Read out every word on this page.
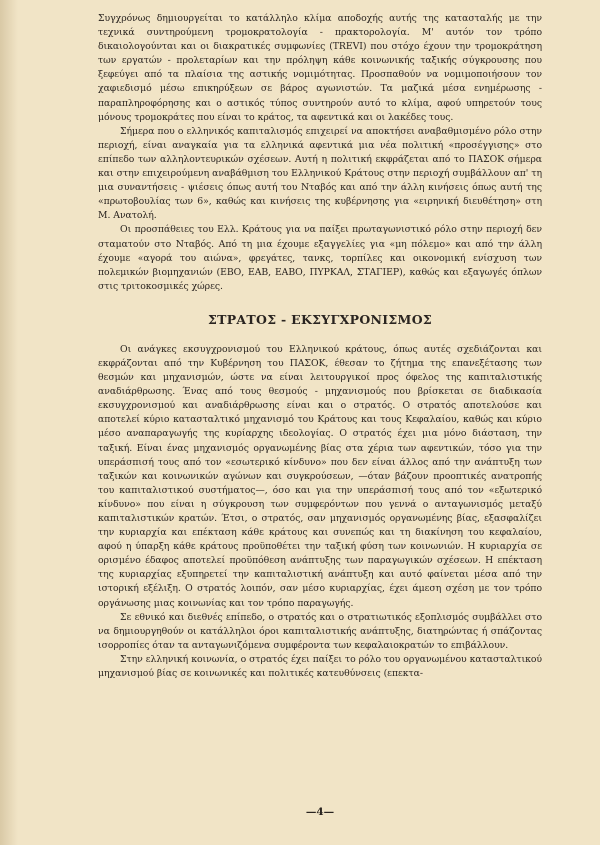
Συγχρόνως δημιουργείται το κατάλληλο κλίμα αποδοχής αυτής της κατασταλής με την τεχνικά συντηρούμενη τρομοκρατολογία - πρακτορολογία. Μ' αυτόν τον τρόπο δικαιολογούνται και οι διακρατικές συμφωνίες (TREVI) που στόχο έχουν την τρομοκράτηση των εργατών - προλεταρίων και την πρόληψη κάθε κοινωνικής ταξικής σύγκρουσης που ξεφεύγει από τα πλαίσια της αστικής νομιμότητας. Προσπαθούν να νομιμοποιήσουν τον χαφιεδισμό μέσω επικηρύξεων σε βάρος αγωνιστών. Τα μαζικά μέσα ενημέρωσης - παραπληροφόρησης και ο αστικός τύπος συντηρούν αυτό το κλίμα, αφού υπηρετούν τους μόνους τρομοκράτες που είναι το κράτος, τα αφεντικά και οι λακέδες τους.

Σήμερα που ο ελληνικός καπιταλισμός επιχειρεί να αποκτήσει αναβαθμισμένο ρόλο στην περιοχή, είναι αναγκαία για τα ελληνικά αφεντικά μια νέα πολιτική «προσέγγισης» στο επίπεδο των αλληλοντευρικών σχέσεων. Αυτή η πολιτική εκφράζεται από το ΠΑΣΟΚ σήμερα και στην επιχειρούμενη αναβάθμιση του Ελληνικού Κράτους στην περιοχή συμβάλλουν απ' τη μια συναντήσεις - ψιέσεις όπως αυτή του Νταβός και από την άλλη κινήσεις όπως αυτή της «πρωτοβουλίας των 6», καθώς και κινήσεις της κυβέρνησης για «ειρηνική διευθέτηση» στη Μ. Ανατολή.

Οι προσπάθειες του Ελλ. Κράτους για να παίξει πρωταγωνιστικό ρόλο στην περιοχή δεν σταματούν στο Νταβός. Από τη μια έχουμε εξαγγελίες για «μη πόλεμο» και από την άλλη έχουμε «αγορά του αιώνα», φρεγάτες, τανκς, τορπίλες και οικονομική ενίσχυση των πολεμικών βιομηχανιών (ΕΒΟ, ΕΑΒ, ΕΑΒΟ, ΠΥΡΚΑΛ, ΣΤΑΓΙΕΡ), καθώς και εξαγωγές όπλων στις τριτοκοσμικές χώρες.

ΣΤΡΑΤΟΣ - ΕΚΣΥΓΧΡΟΝΙΣΜΟΣ

Οι ανάγκες εκσυγχρονισμού του Ελληνικού κράτους, όπως αυτές σχεδιάζονται και εκφράζονται από την Κυβέρνηση του ΠΑΣΟΚ, έθεσαν το ζήτημα της επανεξέτασης των θεσμών και μηχανισμών, ώστε να είναι λειτουργικοί προς όφελος της καπιταλιστικής αναδιάρθρωσης. Ένας από τους θεσμούς - μηχανισμούς που βρίσκεται σε διαδικασία εκσυγχρονισμού και αναδιάρθρωσης είναι και ο στρατός. Ο στρατός αποτελούσε και αποτελεί κύριο κατασταλτικό μηχανισμό του Κράτους και τους Κεφαλαίου, καθώς και κύριο μέσο αναπαραγωγής της κυρίαρχης ιδεολογίας. Ο στρατός έχει μια μόνο διάσταση, την ταξική. Είναι ένας μηχανισμός οργανωμένης βίας στα χέρια των αφεντικών, τόσο για την υπεράσπισή τους από τον «εσωτερικό κίνδυνο» που δεν είναι άλλος από την ανάπτυξη των ταξικών και κοινωνικών αγώνων και συγκρούσεων, —όταν βάζουν προοπτικές ανατροπής του καπιταλιστικού συστήματος—, όσο και για την υπεράσπισή τους από τον «εξωτερικό κίνδυνο» που είναι η σύγκρουση των συμφερόντων που γεννά ο ανταγωνισμός μεταξύ καπιταλιστικών κρατών. Έτσι, ο στρατός, σαν μηχανισμός οργανωμένης βίας, εξασφαλίζει την κυριαρχία και επέκταση κάθε κράτους και συνεπώς και τη διακίνηση του κεφαλαίου, αφού η ύπαρξη κάθε κράτους προϋποθέτει την ταξική φύση των κοινωνιών. Η κυριαρχία σε ορισμένο έδαφος αποτελεί προϋπόθεση ανάπτυξης των παραγωγικών σχέσεων. Η επέκταση της κυριαρχίας εξυπηρετεί την καπιταλιστική ανάπτυξη και αυτό φαίνεται μέσα από την ιστορική εξέλιξη. Ο στρατός λοιπόν, σαν μέσο κυριαρχίας, έχει άμεση σχέση με τον τρόπο οργάνωσης μιας κοινωνίας και τον τρόπο παραγωγής.

Σε εθνικό και διεθνές επίπεδο, ο στρατός και ο στρατιωτικός εξοπλισμός συμβάλλει στο να δημιουργηθούν οι κατάλληλοι όροι καπιταλιστικής ανάπτυξης, διατηρώντας ή σπάζοντας ισορροπίες όταν τα ανταγωνιζόμενα συμφέροντα των κεφαλαιοκρατών το επιβάλλουν.

Στην ελληνική κοινωνία, ο στρατός έχει παίξει το ρόλο του οργανωμένου κατασταλτικού μηχανισμού βίας σε κοινωνικές και πολιτικές κατευθύνσεις (επεκτα-

—4—
